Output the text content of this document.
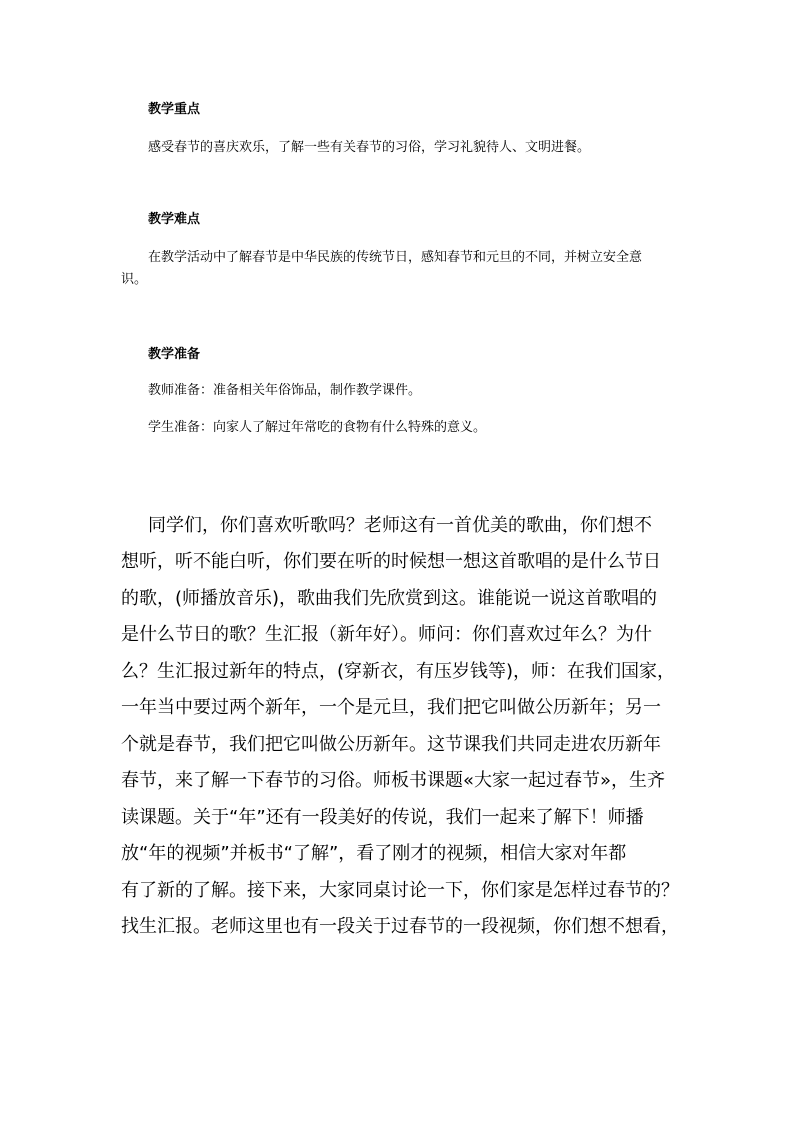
教学重点
感受春节的喜庆欢乐，了解一些有关春节的习俗，学习礼貌待人、文明进餐。
教学难点
在教学活动中了解春节是中华民族的传统节日，感知春节和元旦的不同，并树立安全意
识。
教学准备
教师准备：准备相关年俗饰品，制作教学课件。
学生准备：向家人了解过年常吃的食物有什么特殊的意义。
同学们，你们喜欢听歌吗？老师这有一首优美的歌曲，你们想不
想听，听不能白听，你们要在听的时候想一想这首歌唱的是什么节日
的歌，(师播放音乐)，歌曲我们先欣赏到这。谁能说一说这首歌唱的
是什么节日的歌？生汇报（新年好）。师问：你们喜欢过年么？为什
么？生汇报过新年的特点，(穿新衣，有压岁钱等)，师：在我们国家，
一年当中要过两个新年，一个是元旦，我们把它叫做公历新年；另一
个就是春节，我们把它叫做公历新年。这节课我们共同走进农历新年
春节，来了解一下春节的习俗。师板书课题«大家一起过春节»，生齐
读课题。关于“年”还有一段美好的传说，我们一起来了解下！师播
放“年的视频”并板书“了解”，看了刚才的视频，相信大家对年都
有了新的了解。接下来，大家同桌讨论一下，你们家是怎样过春节的？
找生汇报。老师这里也有一段关于过春节的一段视频，你们想不想看，
